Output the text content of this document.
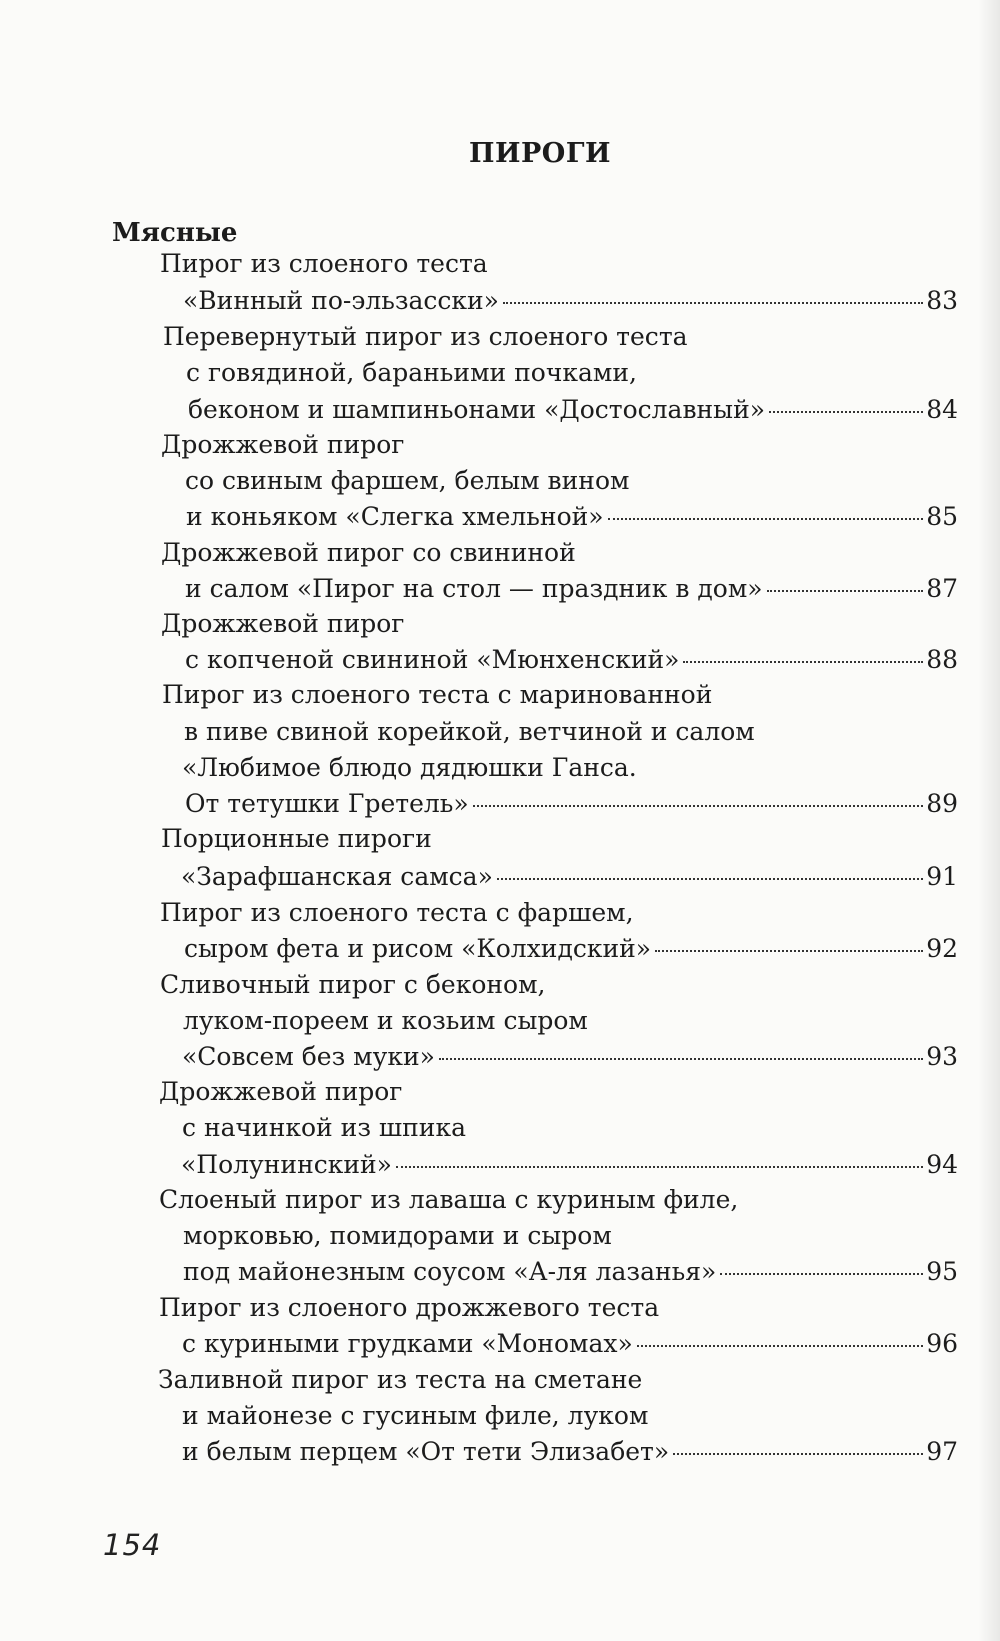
ПИРОГИ
Мясные
Пирог из слоеного теста
«Винный по-эльзасски»	83
Перевернутый пирог из слоеного теста
с говядиной, бараньими почками,
беконом и шампиньонами «Достославный»	84
Дрожжевой пирог
со свиным фаршем, белым вином
и коньяком «Слегка хмельной»	85
Дрожжевой пирог со свининой
и салом «Пирог на стол — праздник в дом»	87
Дрожжевой пирог
с копченой свининой «Мюнхенский»	88
Пирог из слоеного теста с маринованной
в пиве свиной корейкой, ветчиной и салом
«Любимое блюдо дядюшки Ганса.
От тетушки Гретель»	89
Порционные пироги
«Зарафшанская самса»	91
Пирог из слоеного теста с фаршем,
сыром фета и рисом «Колхидский»	92
Сливочный пирог с беконом,
луком-пореем и козьим сыром
«Совсем без муки»	93
Дрожжевой пирог
с начинкой из шпика
«Полунинский»	94
Слоеный пирог из лаваша с куриным филе,
морковью, помидорами и сыром
под майонезным соусом «А-ля лазанья»	95
Пирог из слоеного дрожжевого теста
с куриными грудками «Мономах»	96
Заливной пирог из теста на сметане
и майонезе с гусиным филе, луком
и белым перцем «От тети Элизабет»	97
154
